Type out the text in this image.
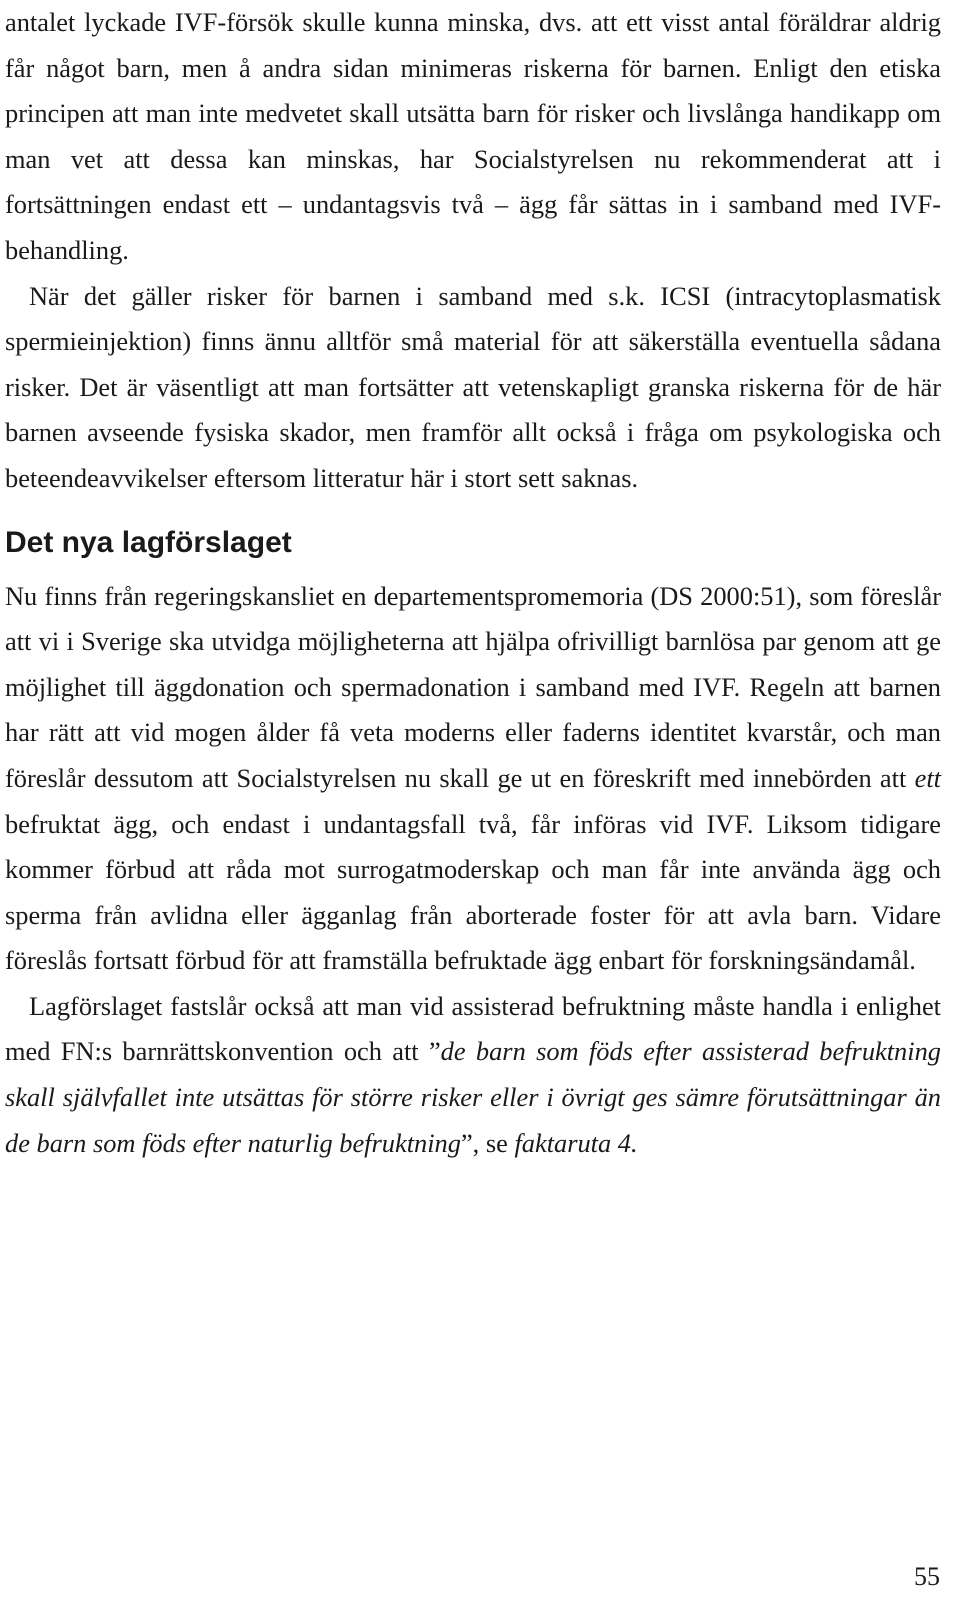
antalet lyckade IVF-försök skulle kunna minska, dvs. att ett visst antal föräldrar aldrig får något barn, men å andra sidan minimeras riskerna för barnen. Enligt den etiska principen att man inte medvetet skall utsätta barn för risker och livslånga handikapp om man vet att dessa kan minskas, har Socialstyrelsen nu rekommenderat att i fortsättningen endast ett – undantagsvis två – ägg får sättas in i samband med IVF-behandling.

När det gäller risker för barnen i samband med s.k. ICSI (intracytoplasmatisk spermieinjektion) finns ännu alltför små material för att säkerställa eventuella sådana risker. Det är väsentligt att man fortsätter att vetenskapligt granska riskerna för de här barnen avseende fysiska skador, men framför allt också i fråga om psykologiska och beteendeavvikelser eftersom litteratur här i stort sett saknas.

Det nya lagförslaget

Nu finns från regeringskansliet en departementspromemoria (DS 2000:51), som föreslår att vi i Sverige ska utvidga möjligheterna att hjälpa ofrivilligt barnlösa par genom att ge möjlighet till äggdonation och spermadonation i samband med IVF. Regeln att barnen har rätt att vid mogen ålder få veta moderns eller faderns identitet kvarstår, och man föreslår dessutom att Socialstyrelsen nu skall ge ut en föreskrift med innebörden att ett befruktat ägg, och endast i undantagsfall två, får införas vid IVF. Liksom tidigare kommer förbud att råda mot surrogatmoderskap och man får inte använda ägg och sperma från avlidna eller ägganlag från aborterade foster för att avla barn. Vidare föreslås fortsatt förbud för att framställa befruktade ägg enbart för forskningsändamål.

Lagförslaget fastslår också att man vid assisterad befruktning måste handla i enlighet med FN:s barnrättskonvention och att ”de barn som föds efter assisterad befruktning skall självfallet inte utsättas för större risker eller i övrigt ges sämre förutsättningar än de barn som föds efter naturlig befruktning”, se faktaruta 4.

55
